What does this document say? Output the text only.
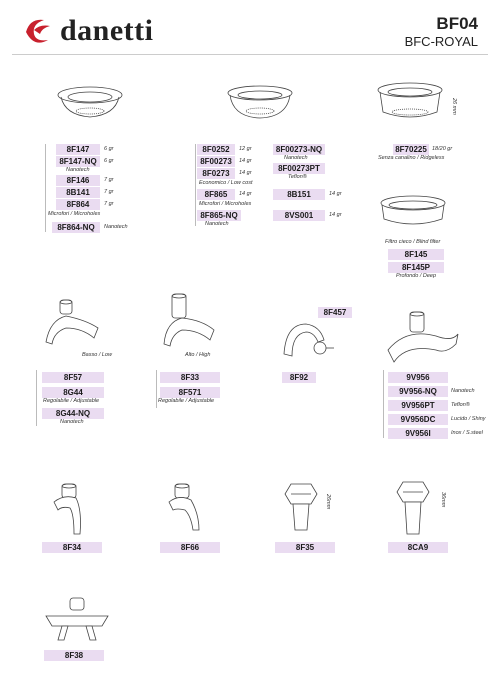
danetti	BF04
BFC-ROYAL
26 mm
8F147	6 gr
8F147-NQ	6 gr
Nanotech
8F146	7 gr
8B141	7 gr
8F864	7 gr
Microfori / Microholes
8F864-NQ	Nanotech
8F0252	12 gr
8F00273	14 gr
8F0273	14 gr
Economico / Low cost
8F865	14 gr
Microfori / Microholes
8F865-NQ
Nanotech
8F00273-NQ
Nanotech
8F00273PT
Teflon®
8B151	14 gr
8VS001	14 gr
8F70225 18/20 gr
Senza canalino / Ridgeless
Filtro cieco / Blind filter
8F145
8F145P
Profondo / Deep
Basso / Low	Alto / High
8F57
8G44
Regolabile / Adjustable
8G44-NQ
Nanotech
8F33
8F571
Regolabile / Adjustable
8F457
8F92	9V956
9V956-NQ	Nanotech
9V956PT	Teflon®
9V956DC	Lucido / Shiny
9V956I	Inox / S.steel
26mm	36mm
8F34	8F66	8F35	8CA9
8F38
